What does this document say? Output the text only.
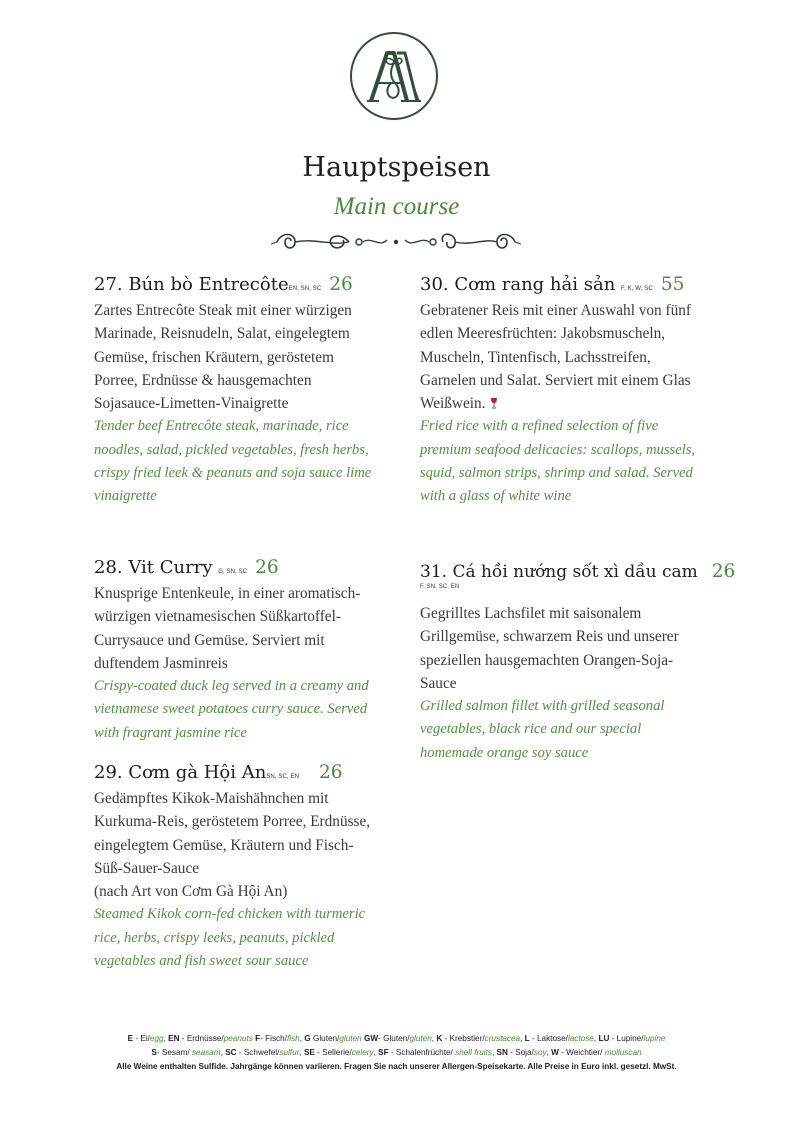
Hauptspeisen
Main course
27. Bún bò EntrecôteEN, SN, SC 26
Zartes Entrecôte Steak mit einer würzigen Marinade, Reisnudeln, Salat, eingelegtem Gemüse, frischen Kräutern, geröstetem Porree, Erdnüsse & hausgemachten Sojasauce-Limetten-Vinaigrette
Tender beef Entrecôte steak, marinade, rice noodles, salad, pickled vegetables, fresh herbs, crispy fried leek & peanuts and soja sauce lime vinaigrette
30. Cơm rang hải sản F, K, W, SC 55
Gebratener Reis mit einer Auswahl von fünf edlen Meeresfrüchten: Jakobsmuscheln, Muscheln, Tintenfisch, Lachsstreifen, Garnelen und Salat. Serviert mit einem Glas Weißwein.
Fried rice with a refined selection of five premium seafood delicacies: scallops, mussels, squid, salmon strips, shrimp and salad. Served with a glass of white wine
28. Vit Curry G, SN, SC 26
Knusprige Entenkeule, in einer aromatisch-würzigen vietnamesischen Süßkartoffel-Currysauce und Gemüse. Serviert mit duftendem Jasminreis
Crispy-coated duck leg served in a creamy and vietnamese sweet potatoes curry sauce. Served with fragrant jasmine rice
31. Cá hồi nướng sốt xì dầu cam 26
F, SN, SC, EN
Gegrilltes Lachsfilet mit saisonalem Grillgemüse, schwarzem Reis und unserer speziellen hausgemachten Orangen-Soja-Sauce
Grilled salmon fillet with grilled seasonal vegetables, black rice and our special homemade orange soy sauce
29. Cơm gà Hội AnSN, SC, EN 26
Gedämpftes Kikok-Maishähnchen mit Kurkuma-Reis, geröstetem Porree, Erdnüsse, eingelegtem Gemüse, Kräutern und Fisch-Süß-Sauer-Sauce
(nach Art von Cơm Gà Hội An)
Steamed Kikok corn-fed chicken with turmeric rice, herbs, crispy leeks, peanuts, pickled vegetables and fish sweet sour sauce
E - Ei/egg, EN - Erdnüsse/peanuts F- Fisch/fish, G Gluten/gluten GW- Gluten/gluten, K - Krebstier/crustacea, L - Laktose/lactose, LU - Lupine/lupine
S- Sesam/ seasam, SC - Schwefel/sulfur, SE - Sellerie/celery, SF - Schalenfrüchte/ shell fruits, SN - Soja/soy, W - Weichtier/ molluscan
Alle Weine enthalten Sulfide. Jahrgänge können variieren. Fragen Sie nach unserer Allergen-Speisekarte. Alle Preise in Euro inkl. gesetzl. MwSt.
